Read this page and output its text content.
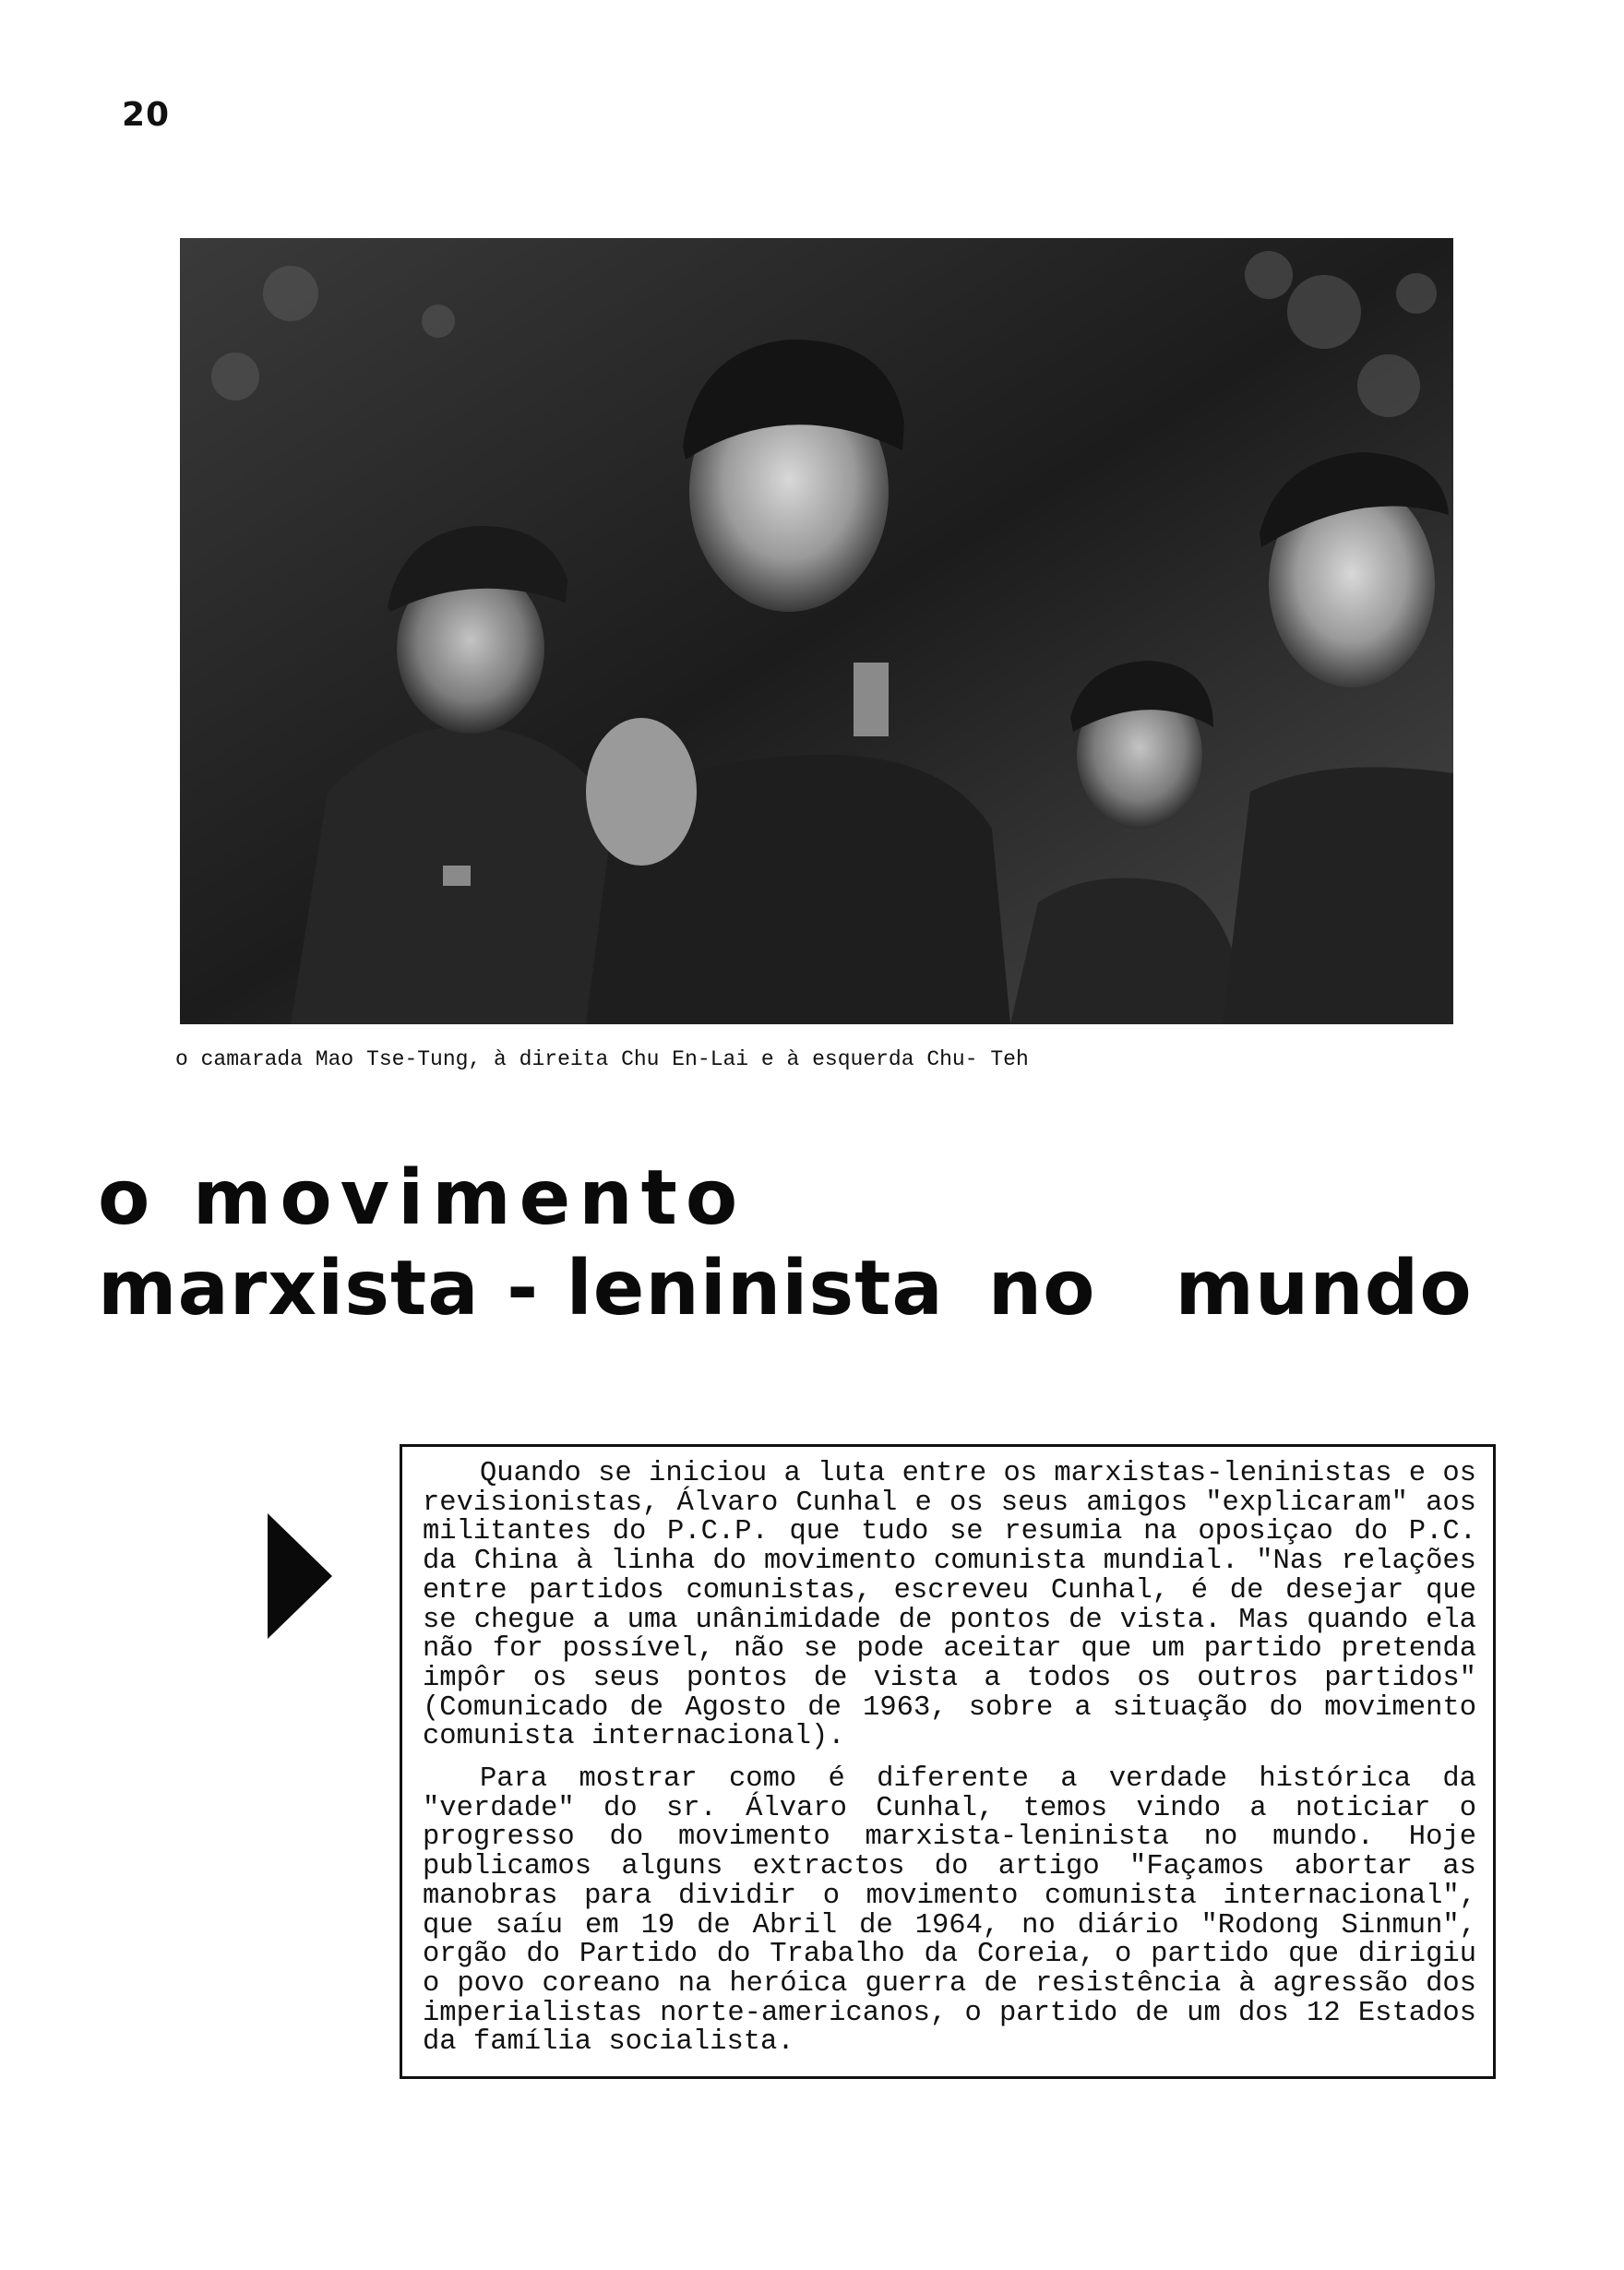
20
o camarada Mao Tse-Tung, à direita Chu En-Lai e à esquerda Chu- Teh
o movimento
marxista - leninista no mundo

Quando se iniciou a luta entre os marxistas-leninistas e os revisionistas, Álvaro Cunhal e os seus amigos "explicaram" aos militantes do P.C.P. que tudo se resumia na oposiçao do P.C. da China à linha do movimento comunista mundial. "Nas relações entre partidos comunistas, escreveu Cunhal, é de desejar que se chegue a uma unânimidade de pontos de vista. Mas quando ela não for possível, não se pode aceitar que um partido pretenda impôr os seus pontos de vista a todos os outros partidos" (Comunicado de Agosto de 1963, sobre a situação do movimento comunista internacional).

Para mostrar como é diferente a verdade histórica da "verdade" do sr. Álvaro Cunhal, temos vindo a noticiar o progresso do movimento marxista-leninista no mundo. Hoje publicamos alguns extractos do artigo "Façamos abortar as manobras para dividir o movimento comunista internacional", que saíu em 19 de Abril de 1964, no diário "Rodong Sinmun", orgão do Partido do Trabalho da Coreia, o partido que dirigiu o povo coreano na heróica guerra de resistência à agressão dos imperialistas norte-americanos, o partido de um dos 12 Estados da família socialista.
